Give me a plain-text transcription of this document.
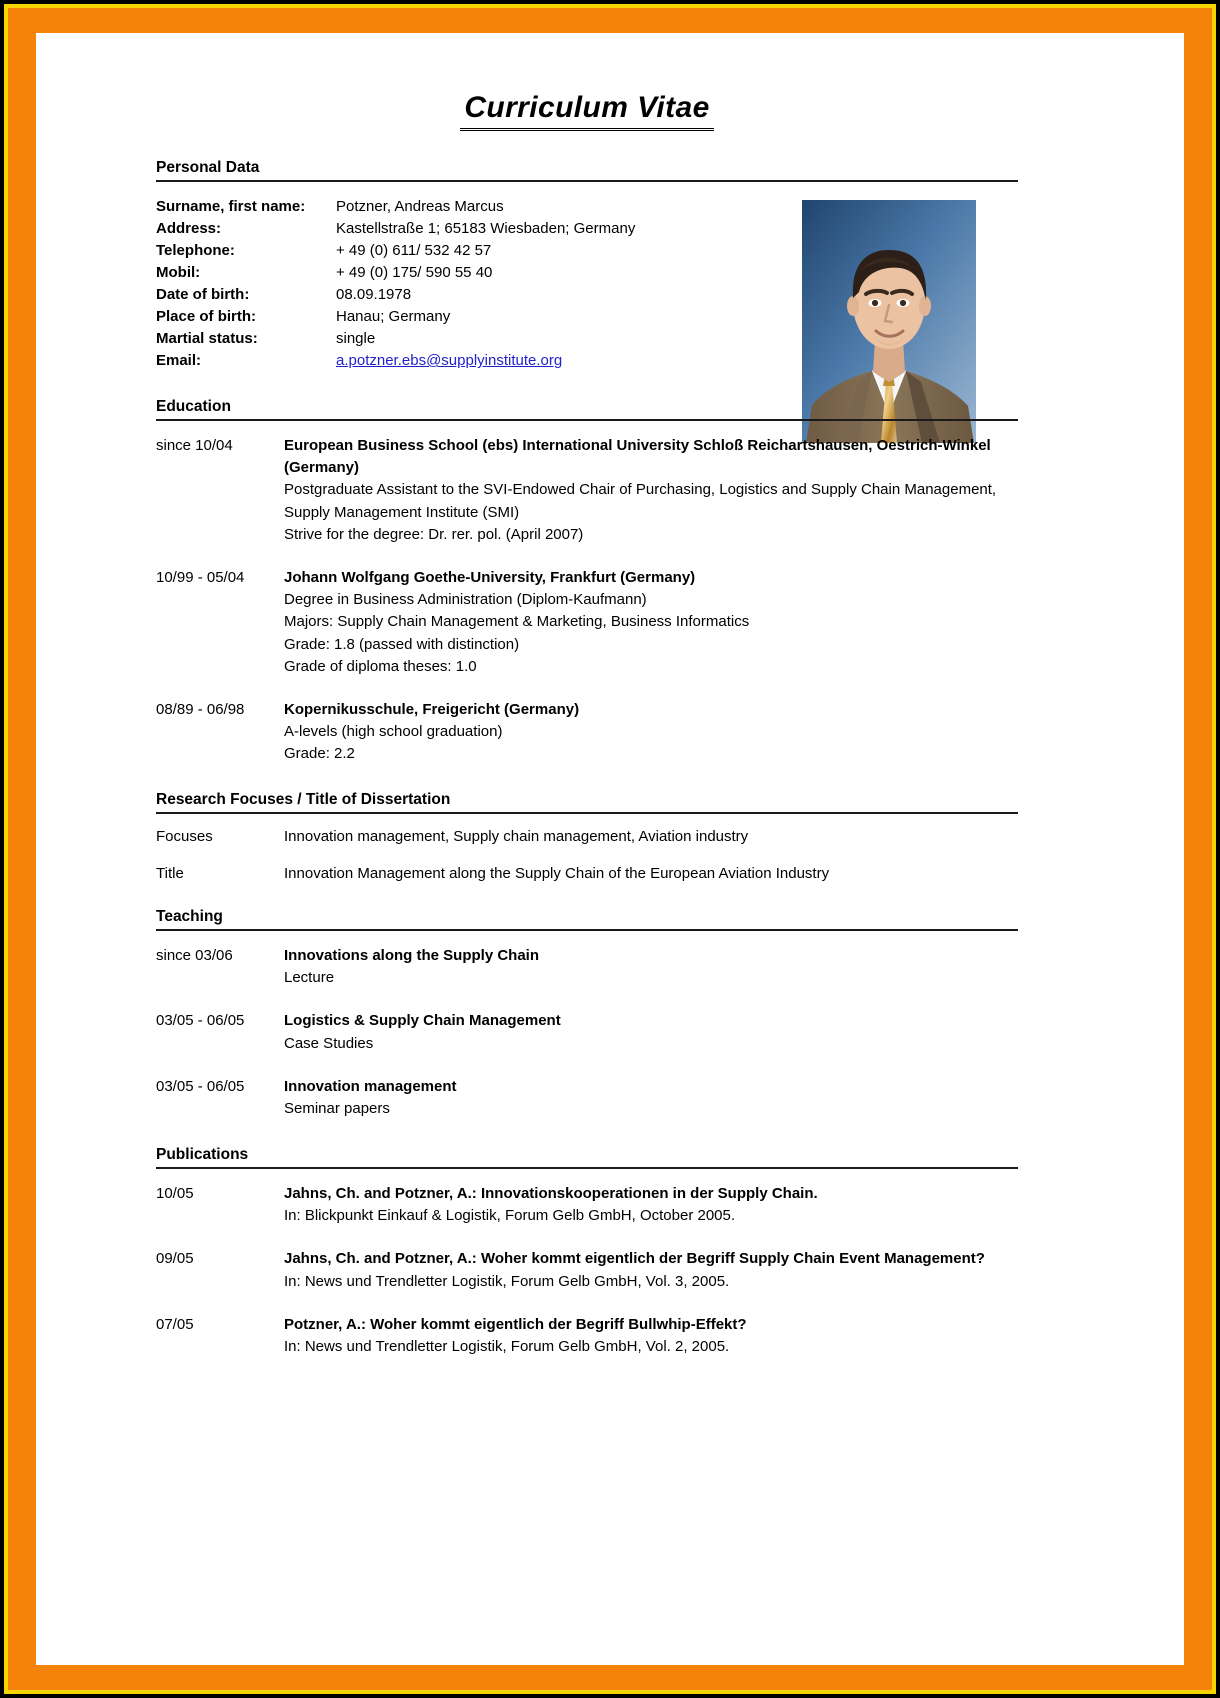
Curriculum Vitae
Personal Data
Surname, first name:	Potzner, Andreas Marcus
Address:	Kastellstraße 1; 65183 Wiesbaden; Germany
Telephone:	+ 49 (0) 611/ 532 42 57
Mobil:	+ 49 (0) 175/ 590 55 40
Date of birth:	08.09.1978
Place of birth:	Hanau; Germany
Martial status:	single
Email:	a.potzner.ebs@supplyinstitute.org
Education
since 10/04	European Business School (ebs) International University Schloß Reichartshausen, Oestrich-Winkel (Germany)
Postgraduate Assistant to the SVI-Endowed Chair of Purchasing, Logistics and Supply Chain Management, Supply Management Institute (SMI)
Strive for the degree: Dr. rer. pol. (April 2007)
10/99 - 05/04	Johann Wolfgang Goethe-University, Frankfurt (Germany)
Degree in Business Administration (Diplom-Kaufmann)
Majors: Supply Chain Management & Marketing, Business Informatics
Grade: 1.8 (passed with distinction)
Grade of diploma theses: 1.0
08/89 - 06/98	Kopernikusschule, Freigericht (Germany)
A-levels (high school graduation)
Grade: 2.2
Research Focuses / Title of Dissertation
Focuses	Innovation management, Supply chain management, Aviation industry
Title	Innovation Management along the Supply Chain of the European Aviation Industry
Teaching
since 03/06	Innovations along the Supply Chain
Lecture
03/05 - 06/05	Logistics & Supply Chain Management
Case Studies
03/05 - 06/05	Innovation management
Seminar papers
Publications
10/05	Jahns, Ch. and Potzner, A.: Innovationskooperationen in der Supply Chain.
In: Blickpunkt Einkauf & Logistik, Forum Gelb GmbH, October 2005.
09/05	Jahns, Ch. and Potzner, A.: Woher kommt eigentlich der Begriff Supply Chain Event Management?
In: News und Trendletter Logistik, Forum Gelb GmbH, Vol. 3, 2005.
07/05	Potzner, A.: Woher kommt eigentlich der Begriff Bullwhip-Effekt?
In: News und Trendletter Logistik, Forum Gelb GmbH, Vol. 2, 2005.
